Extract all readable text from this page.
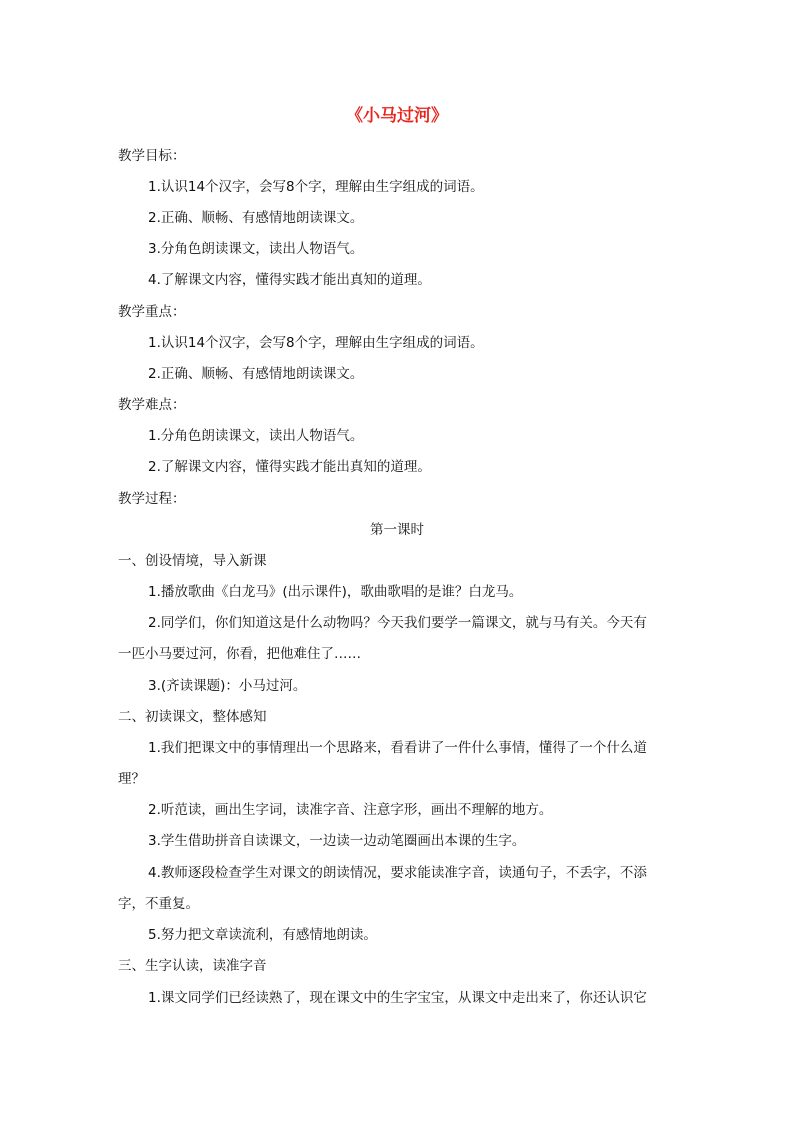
《小马过河》
教学目标：
1.认识14个汉字，会写8个字，理解由生字组成的词语。
2.正确、顺畅、有感情地朗读课文。
3.分角色朗读课文，读出人物语气。
4.了解课文内容，懂得实践才能出真知的道理。
教学重点：
1.认识14个汉字，会写8个字，理解由生字组成的词语。
2.正确、顺畅、有感情地朗读课文。
教学难点：
1.分角色朗读课文，读出人物语气。
2.了解课文内容，懂得实践才能出真知的道理。
教学过程：
第一课时
一、创设情境，导入新课
1.播放歌曲《白龙马》(出示课件)，歌曲歌唱的是谁？白龙马。
2.同学们，你们知道这是什么动物吗？今天我们要学一篇课文，就与马有关。今天有
一匹小马要过河，你看，把他难住了……
3.(齐读课题)：小马过河。
二、初读课文，整体感知
1.我们把课文中的事情理出一个思路来，看看讲了一件什么事情，懂得了一个什么道
理？
2.听范读，画出生字词，读准字音、注意字形，画出不理解的地方。
3.学生借助拼音自读课文，一边读一边动笔圈画出本课的生字。
4.教师逐段检查学生对课文的朗读情况，要求能读准字音，读通句子，不丢字，不添
字，不重复。
5.努力把文章读流利，有感情地朗读。
三、生字认读，读准字音
1.课文同学们已经读熟了，现在课文中的生字宝宝，从课文中走出来了，你还认识它
